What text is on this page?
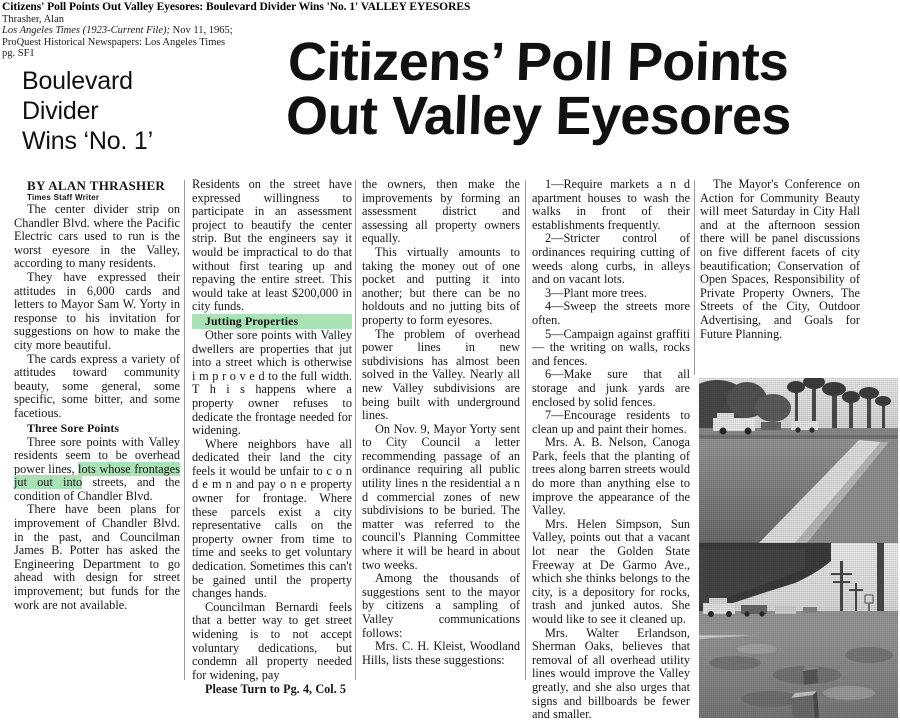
Citizens' Poll Points Out Valley Eyesores: Boulevard Divider Wins 'No. 1' VALLEY EYESORES
Thrasher, Alan
Los Angeles Times (1923-Current File); Nov 11, 1965;
ProQuest Historical Newspapers: Los Angeles Times
pg. SF1	Citizens’ Poll Points
Out Valley Eyesores
Boulevard
Divider
Wins ‘No. 1’

BY ALAN THRASHER

Times Staff Writer

The center divider strip on Chandler Blvd. where the Pacific Electric cars used to run is the worst eyesore in the Valley, according to many residents.

They have expressed their attitudes in 6,000 cards and letters to Mayor Sam W. Yorty in response to his invitation for suggestions on how to make the city more beautiful.

The cards express a variety of attitudes toward community beauty, some general, some specific, some bitter, and some facetious.

Three Sore Points

Three sore points with Valley residents seem to be overhead power lines, lots whose frontages jut out into streets, and the condition of Chandler Blvd.

There have been plans for improvement of Chandler Blvd. in the past, and Councilman James B. Potter has asked the Engineering Department to go ahead with design for street improvement; but funds for the work are not available.

Residents on the street have expressed willingness to participate in an assessment project to beautify the center strip. But the engineers say it would be impractical to do that without first tearing up and repaving the entire street. This would take at least $200,000 in city funds.

Jutting Properties

Other sore points with Valley dwellers are properties that jut into a street which is otherwise i m p r o v e d to the full width. T h i s happens where a property owner refuses to dedicate the frontage needed for widening.

Where neighbors have all dedicated their land the city feels it would be unfair to c o n d e m n and pay o n e property owner for frontage. Where these parcels exist a city representative calls on the property owner from time to time and seeks to get voluntary dedication. Sometimes this can't be gained until the property changes hands.

Councilman Bernardi feels that a better way to get street widening is to not accept voluntary dedications, but condemn all property needed for widening, pay

Please Turn to Pg. 4, Col. 5

the owners, then make the improvements by forming an assessment district and assessing all property owners equally.

This virtually amounts to taking the money out of one pocket and putting it into another; but there can be no holdouts and no jutting bits of property to form eyesores.

The problem of overhead power lines in new subdivisions has almost been solved in the Valley. Nearly all new Valley subdivisions are being built with underground lines.

On Nov. 9, Mayor Yorty sent to City Council a letter recommending passage of an ordinance requiring all public utility lines n the residential a n d commercial zones of new subdivisions to be buried. The matter was referred to the council's Planning Committee where it will be heard in about two weeks.

Among the thousands of suggestions sent to the mayor by citizens a sampling of Valley communications follows:

Mrs. C. H. Kleist, Woodland Hills, lists these suggestions:

1—Require markets a n d apartment houses to wash the walks in front of their establishments frequently.

2—Stricter control of ordinances requiring cutting of weeds along curbs, in alleys and on vacant lots.

3—Plant more trees.

4—Sweep the streets more often.

5—Campaign against graffiti — the writing on walls, rocks and fences.

6—Make sure that all storage and junk yards are enclosed by solid fences.

7—Encourage residents to clean up and paint their homes.

Mrs. A. B. Nelson, Canoga Park, feels that the planting of trees along barren streets would do more than anything else to improve the appearance of the Valley.

Mrs. Helen Simpson, Sun Valley, points out that a vacant lot near the Golden State Freeway at De Garmo Ave., which she thinks belongs to the city, is a depository for rocks, trash and junked autos. She would like to see it cleaned up.

Mrs. Walter Erlandson, Sherman Oaks, believes that removal of all overhead utility lines would improve the Valley greatly, and she also urges that signs and billboards be fewer and smaller.

The Mayor's Conference on Action for Community Beauty will meet Saturday in City Hall and at the afternoon session there will be panel discussions on five different facets of city beautification; Conservation of Open Spaces, Responsibility of Private Property Owners, The Streets of the City, Outdoor Advertising, and Goals for Future Planning.
